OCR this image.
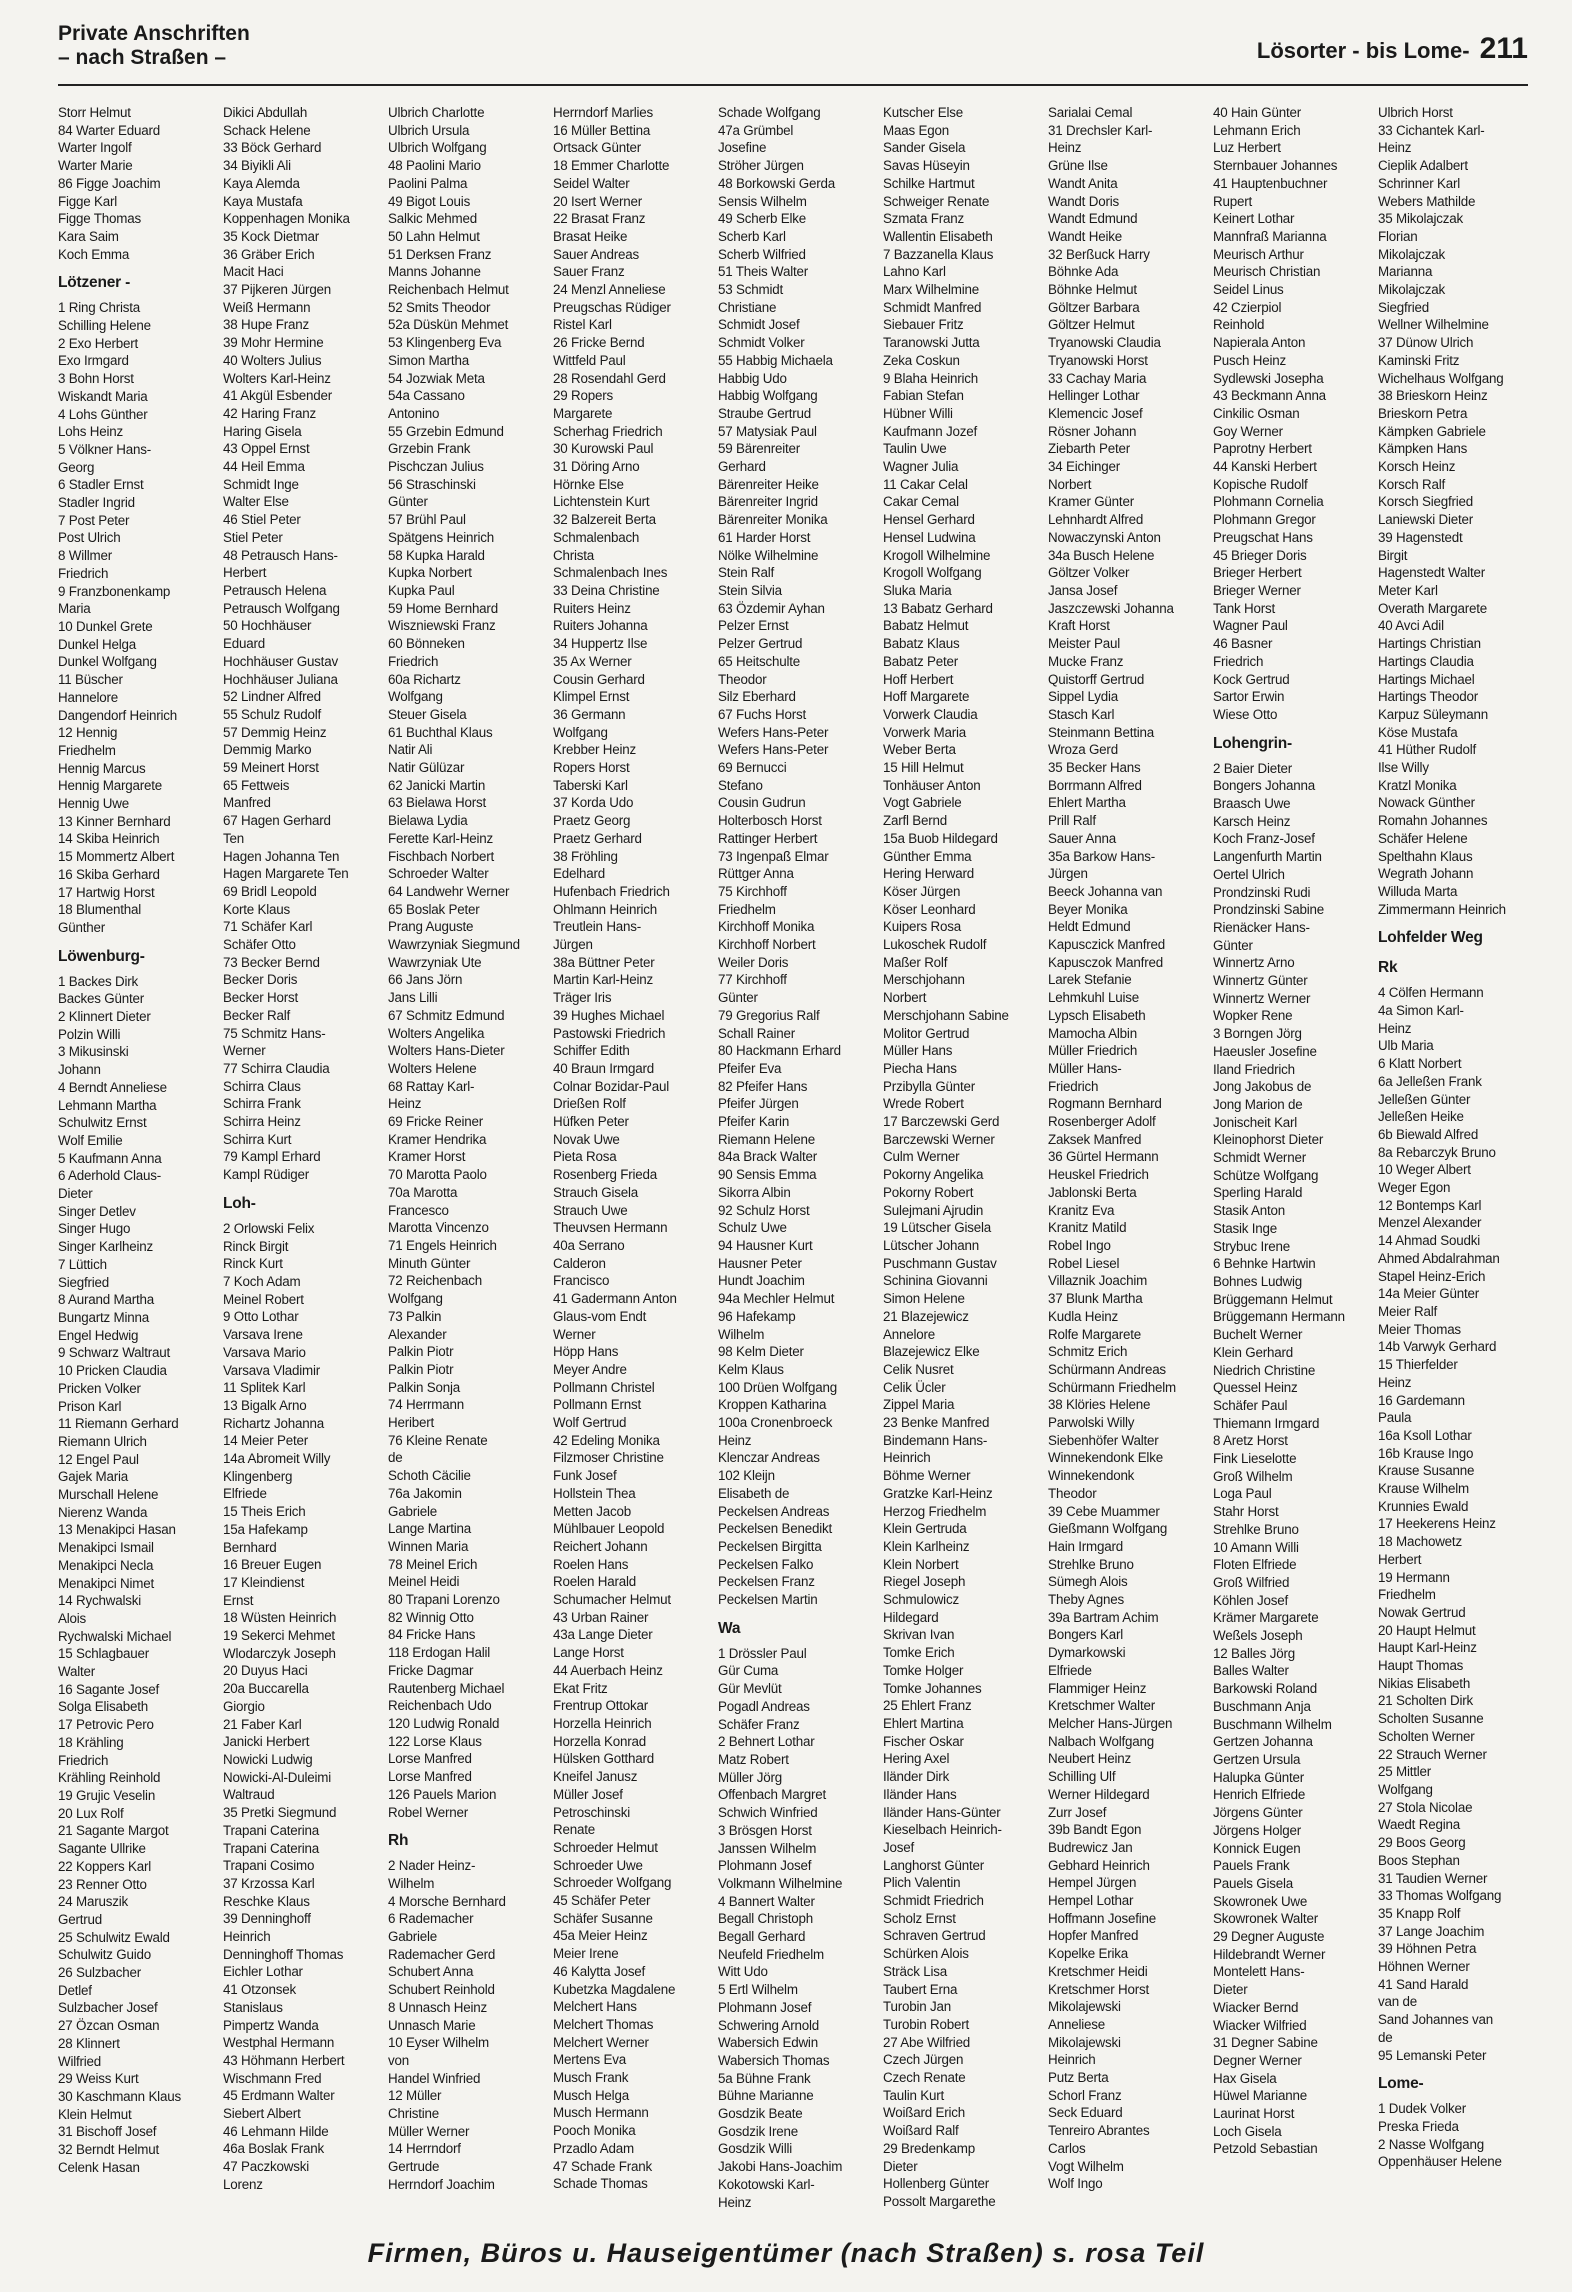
Private Anschriften
– nach Straßen –	Lösorter - bis Lome- 211
Storr Helmut
84 Warter Eduard
Warter Ingolf
Warter Marie
86 Figge Joachim
Figge Karl
Figge Thomas
Kara Saim
Koch Emma
Lötzener -
1 Ring Christa
Schilling Helene
2 Exo Herbert
Exo Irmgard
3 Bohn Horst
Wiskandt Maria
4 Lohs Günther
Lohs Heinz
5 Völkner Hans-
Georg
6 Stadler Ernst
Stadler Ingrid
7 Post Peter
Post Ulrich
8 Willmer
Friedrich
9 Franzbonenkamp
Maria
10 Dunkel Grete
Dunkel Helga
Dunkel Wolfgang
11 Büscher
Hannelore
Dangendorf Heinrich
12 Hennig
Friedhelm
Hennig Marcus
Hennig Margarete
Hennig Uwe
13 Kinner Bernhard
14 Skiba Heinrich
15 Mommertz Albert
16 Skiba Gerhard
17 Hartwig Horst
18 Blumenthal
Günther
Löwenburg-
1 Backes Dirk
Backes Günter
2 Klinnert Dieter
Polzin Willi
3 Mikusinski
Johann
4 Berndt Anneliese
Lehmann Martha
Schulwitz Ernst
Wolf Emilie
5 Kaufmann Anna
6 Aderhold Claus-
Dieter
Singer Detlev
Singer Hugo
Singer Karlheinz
7 Lüttich
Siegfried
8 Aurand Martha
Bungartz Minna
Engel Hedwig
9 Schwarz Waltraut
10 Pricken Claudia
Pricken Volker
Prison Karl
11 Riemann Gerhard
Riemann Ulrich
12 Engel Paul
Gajek Maria
Murschall Helene
Nierenz Wanda
13 Menakipci Hasan
Menakipci Ismail
Menakipci Necla
Menakipci Nimet
14 Rychwalski
Alois
Rychwalski Michael
15 Schlagbauer
Walter
16 Sagante Josef
Solga Elisabeth
17 Petrovic Pero
18 Krähling
Friedrich
Krähling Reinhold
19 Grujic Veselin
20 Lux Rolf
21 Sagante Margot
Sagante Ullrike
22 Koppers Karl
23 Renner Otto
24 Maruszik
Gertrud
25 Schulwitz Ewald
Schulwitz Guido
26 Sulzbacher
Detlef
Sulzbacher Josef
27 Özcan Osman
28 Klinnert
Wilfried
29 Weiss Kurt
30 Kaschmann Klaus
Klein Helmut
31 Bischoff Josef
32 Berndt Helmut
Celenk Hasan
Dikici Abdullah
Schack Helene
33 Böck Gerhard
34 Biyikli Ali
Kaya Alemda
Kaya Mustafa
Koppenhagen Monika
35 Kock Dietmar
36 Gräber Erich
Macit Haci
37 Pijkeren Jürgen
Weiß Hermann
38 Hupe Franz
39 Mohr Hermine
40 Wolters Julius
Wolters Karl-Heinz
41 Akgül Esbender
42 Haring Franz
Haring Gisela
43 Oppel Ernst
44 Heil Emma
Schmidt Inge
Walter Else
46 Stiel Peter
Stiel Peter
48 Petrausch Hans-
Herbert
Petrausch Helena
Petrausch Wolfgang
50 Hochhäuser
Eduard
Hochhäuser Gustav
Hochhäuser Juliana
52 Lindner Alfred
55 Schulz Rudolf
57 Demmig Heinz
Demmig Marko
59 Meinert Horst
65 Fettweis
Manfred
67 Hagen Gerhard
Ten
Hagen Johanna Ten
Hagen Margarete Ten
69 Bridl Leopold
Korte Klaus
71 Schäfer Karl
Schäfer Otto
73 Becker Bernd
Becker Doris
Becker Horst
Becker Ralf
75 Schmitz Hans-
Werner
77 Schirra Claudia
Schirra Claus
Schirra Frank
Schirra Heinz
Schirra Kurt
79 Kampl Erhard
Kampl Rüdiger
Loh-
2 Orlowski Felix
Rinck Birgit
Rinck Kurt
7 Koch Adam
Meinel Robert
9 Otto Lothar
Varsava Irene
Varsava Mario
Varsava Vladimir
11 Splitek Karl
13 Bigalk Arno
Richartz Johanna
14 Meier Peter
14a Abromeit Willy
Klingenberg
Elfriede
15 Theis Erich
15a Hafekamp
Bernhard
16 Breuer Eugen
17 Kleindienst
Ernst
18 Wüsten Heinrich
19 Sekerci Mehmet
Wlodarczyk Joseph
20 Duyus Haci
20a Buccarella
Giorgio
21 Faber Karl
Janicki Herbert
Nowicki Ludwig
Nowicki-Al-Duleimi
Waltraud
35 Pretki Siegmund
Trapani Caterina
Trapani Caterina
Trapani Cosimo
37 Krzossa Karl
Reschke Klaus
39 Denninghoff
Heinrich
Denninghoff Thomas
Eichler Lothar
41 Otzonsek
Stanislaus
Pimpertz Wanda
Westphal Hermann
43 Höhmann Herbert
Wischmann Fred
45 Erdmann Walter
Siebert Albert
46 Lehmann Hilde
46a Boslak Frank
47 Paczkowski
Lorenz
Ulbrich Charlotte
Ulbrich Ursula
Ulbrich Wolfgang
48 Paolini Mario
Paolini Palma
49 Bigot Louis
Salkic Mehmed
50 Lahn Helmut
51 Derksen Franz
Manns Johanne
Reichenbach Helmut
52 Smits Theodor
52a Düskün Mehmet
53 Klingenberg Eva
Simon Martha
54 Jozwiak Meta
54a Cassano
Antonino
55 Grzebin Edmund
Grzebin Frank
Pischczan Julius
56 Straschinski
Günter
57 Brühl Paul
Spätgens Heinrich
58 Kupka Harald
Kupka Norbert
Kupka Paul
59 Home Bernhard
Wiszniewski Franz
60 Bönneken
Friedrich
60a Richartz
Wolfgang
Steuer Gisela
61 Buchthal Klaus
Natir Ali
Natir Gülüzar
62 Janicki Martin
63 Bielawa Horst
Bielawa Lydia
Ferette Karl-Heinz
Fischbach Norbert
Schroeder Walter
64 Landwehr Werner
65 Boslak Peter
Prang Auguste
Wawrzyniak Siegmund
Wawrzyniak Ute
66 Jans Jörn
Jans Lilli
67 Schmitz Edmund
Wolters Angelika
Wolters Hans-Dieter
Wolters Helene
68 Rattay Karl-
Heinz
69 Fricke Reiner
Kramer Hendrika
Kramer Horst
70 Marotta Paolo
70a Marotta
Francesco
Marotta Vincenzo
71 Engels Heinrich
Minuth Günter
72 Reichenbach
Wolfgang
73 Palkin
Alexander
Palkin Piotr
Palkin Piotr
Palkin Sonja
74 Herrmann
Heribert
76 Kleine Renate
de
Schoth Cäcilie
76a Jakomin
Gabriele
Lange Martina
Winnen Maria
78 Meinel Erich
Meinel Heidi
80 Trapani Lorenzo
82 Winnig Otto
84 Fricke Hans
118 Erdogan Halil
Fricke Dagmar
Rautenberg Michael
Reichenbach Udo
120 Ludwig Ronald
122 Lorse Klaus
Lorse Manfred
Lorse Manfred
126 Pauels Marion
Robel Werner
Rh
2 Nader Heinz-
Wilhelm
4 Morsche Bernhard
6 Rademacher
Gabriele
Rademacher Gerd
Schubert Anna
Schubert Reinhold
8 Unnasch Heinz
Unnasch Marie
10 Eyser Wilhelm
von
Handel Winfried
12 Müller
Christine
Müller Werner
14 Herrndorf
Gertrude
Herrndorf Joachim
Herrndorf Marlies
16 Müller Bettina
Ortsack Günter
18 Emmer Charlotte
Seidel Walter
20 Isert Werner
22 Brasat Franz
Brasat Heike
Sauer Andreas
Sauer Franz
24 Menzl Anneliese
Preugschas Rüdiger
Ristel Karl
26 Fricke Bernd
Wittfeld Paul
28 Rosendahl Gerd
29 Ropers
Margarete
Scherhag Friedrich
30 Kurowski Paul
31 Döring Arno
Hörnke Else
Lichtenstein Kurt
32 Balzereit Berta
Schmalenbach
Christa
Schmalenbach Ines
33 Deina Christine
Ruiters Heinz
Ruiters Johanna
34 Huppertz Ilse
35 Ax Werner
Cousin Gerhard
Klimpel Ernst
36 Germann
Wolfgang
Krebber Heinz
Ropers Horst
Taberski Karl
37 Korda Udo
Praetz Georg
Praetz Gerhard
38 Fröhling
Edelhard
Hufenbach Friedrich
Ohlmann Heinrich
Treutlein Hans-
Jürgen
38a Büttner Peter
Martin Karl-Heinz
Träger Iris
39 Hughes Michael
Pastowski Friedrich
Schiffer Edith
40 Braun Irmgard
Colnar Bozidar-Paul
Drießen Rolf
Hüfken Peter
Novak Uwe
Pieta Rosa
Rosenberg Frieda
Strauch Gisela
Strauch Uwe
Theuvsen Hermann
40a Serrano
Calderon
Francisco
41 Gadermann Anton
Glaus-vom Endt
Werner
Höpp Hans
Meyer Andre
Pollmann Christel
Pollmann Ernst
Wolf Gertrud
42 Edeling Monika
Filzmoser Christine
Funk Josef
Hollstein Thea
Metten Jacob
Mühlbauer Leopold
Reichert Johann
Roelen Hans
Roelen Harald
Schumacher Helmut
43 Urban Rainer
43a Lange Dieter
Lange Horst
44 Auerbach Heinz
Ekat Fritz
Frentrup Ottokar
Horzella Heinrich
Horzella Konrad
Hülsken Gotthard
Kneifel Janusz
Müller Josef
Petroschinski
Renate
Schroeder Helmut
Schroeder Uwe
Schroeder Wolfgang
45 Schäfer Peter
Schäfer Susanne
45a Meier Heinz
Meier Irene
46 Kalytta Josef
Kubetzka Magdalene
Melchert Hans
Melchert Thomas
Melchert Werner
Mertens Eva
Musch Frank
Musch Helga
Musch Hermann
Pooch Monika
Przadlo Adam
47 Schade Frank
Schade Thomas
Schade Wolfgang
47a Grümbel
Josefine
Ströher Jürgen
48 Borkowski Gerda
Sensis Wilhelm
49 Scherb Elke
Scherb Karl
Scherb Wilfried
51 Theis Walter
53 Schmidt
Christiane
Schmidt Josef
Schmidt Volker
55 Habbig Michaela
Habbig Udo
Habbig Wolfgang
Straube Gertrud
57 Matysiak Paul
59 Bärenreiter
Gerhard
Bärenreiter Heike
Bärenreiter Ingrid
Bärenreiter Monika
61 Harder Horst
Nölke Wilhelmine
Stein Ralf
Stein Silvia
63 Özdemir Ayhan
Pelzer Ernst
Pelzer Gertrud
65 Heitschulte
Theodor
Silz Eberhard
67 Fuchs Horst
Wefers Hans-Peter
Wefers Hans-Peter
69 Bernucci
Stefano
Cousin Gudrun
Holterbosch Horst
Rattinger Herbert
73 Ingenpaß Elmar
Rüttger Anna
75 Kirchhoff
Friedhelm
Kirchhoff Monika
Kirchhoff Norbert
Weiler Doris
77 Kirchhoff
Günter
79 Gregorius Ralf
Schall Rainer
80 Hackmann Erhard
Pfeifer Eva
82 Pfeifer Hans
Pfeifer Jürgen
Pfeifer Karin
Riemann Helene
84a Brack Walter
90 Sensis Emma
Sikorra Albin
92 Schulz Horst
Schulz Uwe
94 Hausner Kurt
Hausner Peter
Hundt Joachim
94a Mechler Helmut
96 Hafekamp
Wilhelm
98 Kelm Dieter
Kelm Klaus
100 Drüen Wolfgang
Kroppen Katharina
100a Cronenbroeck
Heinz
Klenczar Andreas
102 Kleijn
Elisabeth de
Peckelsen Andreas
Peckelsen Benedikt
Peckelsen Birgitta
Peckelsen Falko
Peckelsen Franz
Peckelsen Martin
Wa
1 Drössler Paul
Gür Cuma
Gür Mevlüt
Pogadl Andreas
Schäfer Franz
2 Behnert Lothar
Matz Robert
Müller Jörg
Offenbach Margret
Schwich Winfried
3 Brösgen Horst
Janssen Wilhelm
Plohmann Josef
Volkmann Wilhelmine
4 Bannert Walter
Begall Christoph
Begall Gerhard
Neufeld Friedhelm
Witt Udo
5 Ertl Wilhelm
Plohmann Josef
Schwering Arnold
Wabersich Edwin
Wabersich Thomas
5a Bühne Frank
Bühne Marianne
Gosdzik Beate
Gosdzik Irene
Gosdzik Willi
Jakobi Hans-Joachim
Kokotowski Karl-
Heinz
Kutscher Else
Maas Egon
Sander Gisela
Savas Hüseyin
Schilke Hartmut
Schweiger Renate
Szmata Franz
Wallentin Elisabeth
7 Bazzanella Klaus
Lahno Karl
Marx Wilhelmine
Schmidt Manfred
Siebauer Fritz
Taranowski Jutta
Zeka Coskun
9 Blaha Heinrich
Fabian Stefan
Hübner Willi
Kaufmann Jozef
Taulin Uwe
Wagner Julia
11 Cakar Celal
Cakar Cemal
Hensel Gerhard
Hensel Ludwina
Krogoll Wilhelmine
Krogoll Wolfgang
Sluka Maria
13 Babatz Gerhard
Babatz Helmut
Babatz Klaus
Babatz Peter
Hoff Herbert
Hoff Margarete
Vorwerk Claudia
Vorwerk Maria
Weber Berta
15 Hill Helmut
Tonhäuser Anton
Vogt Gabriele
Zarfl Bernd
15a Buob Hildegard
Günther Emma
Hering Herward
Köser Jürgen
Köser Leonhard
Kuipers Rosa
Lukoschek Rudolf
Maßer Rolf
Merschjohann
Norbert
Merschjohann Sabine
Molitor Gertrud
Müller Hans
Piecha Hans
Przibylla Günter
Wrede Robert
17 Barczewski Gerd
Barczewski Werner
Culm Werner
Pokorny Angelika
Pokorny Robert
Sulejmani Ajrudin
19 Lütscher Gisela
Lütscher Johann
Puschmann Gustav
Schinina Giovanni
Simon Helene
21 Blazejewicz
Annelore
Blazejewicz Elke
Celik Nusret
Celik Ücler
Zippel Maria
23 Benke Manfred
Bindemann Hans-
Heinrich
Böhme Werner
Gratzke Karl-Heinz
Herzog Friedhelm
Klein Gertruda
Klein Karlheinz
Klein Norbert
Riegel Joseph
Schmulowicz
Hildegard
Skrivan Ivan
Tomke Erich
Tomke Holger
Tomke Johannes
25 Ehlert Franz
Ehlert Martina
Fischer Oskar
Hering Axel
Iländer Dirk
Iländer Hans
Iländer Hans-Günter
Kieselbach Heinrich-
Josef
Langhorst Günter
Plich Valentin
Schmidt Friedrich
Scholz Ernst
Schraven Gertrud
Schürken Alois
Sträck Lisa
Taubert Erna
Turobin Jan
Turobin Robert
27 Abe Wilfried
Czech Jürgen
Czech Renate
Taulin Kurt
Woißard Erich
Woißard Ralf
29 Bredenkamp
Dieter
Hollenberg Günter
Possolt Margarethe
Sarialai Cemal
31 Drechsler Karl-
Heinz
Grüne Ilse
Wandt Anita
Wandt Doris
Wandt Edmund
Wandt Heike
32 Berßuck Harry
Böhnke Ada
Böhnke Helmut
Göltzer Barbara
Göltzer Helmut
Tryanowski Claudia
Tryanowski Horst
33 Cachay Maria
Hellinger Lothar
Klemencic Josef
Rösner Johann
Ziebarth Peter
34 Eichinger
Norbert
Kramer Günter
Lehnhardt Alfred
Nowaczynski Anton
34a Busch Helene
Göltzer Volker
Jansa Josef
Jaszczewski Johanna
Kraft Horst
Meister Paul
Mucke Franz
Quistorff Gertrud
Sippel Lydia
Stasch Karl
Steinmann Bettina
Wroza Gerd
35 Becker Hans
Borrmann Alfred
Ehlert Martha
Prill Ralf
Sauer Anna
35a Barkow Hans-
Jürgen
Beeck Johanna van
Beyer Monika
Heldt Edmund
Kapusczick Manfred
Kapusczok Manfred
Larek Stefanie
Lehmkuhl Luise
Lypsch Elisabeth
Mamocha Albin
Müller Friedrich
Müller Hans-
Friedrich
Rogmann Bernhard
Rosenberger Adolf
Zaksek Manfred
36 Gürtel Hermann
Heuskel Friedrich
Jablonski Berta
Kranitz Eva
Kranitz Matild
Robel Ingo
Robel Liesel
Villaznik Joachim
37 Blunk Martha
Kudla Heinz
Rolfe Margarete
Schmitz Erich
Schürmann Andreas
Schürmann Friedhelm
38 Klöries Helene
Parwolski Willy
Siebenhöfer Walter
Winnekendonk Elke
Winnekendonk
Theodor
39 Cebe Muammer
Gießmann Wolfgang
Hain Irmgard
Strehlke Bruno
Sümegh Alois
Theby Agnes
39a Bartram Achim
Bongers Karl
Dymarkowski
Elfriede
Flammiger Heinz
Kretschmer Walter
Melcher Hans-Jürgen
Nalbach Wolfgang
Neubert Heinz
Schilling Ulf
Werner Hildegard
Zurr Josef
39b Bandt Egon
Budrewicz Jan
Gebhard Heinrich
Hempel Jürgen
Hempel Lothar
Hoffmann Josefine
Hopfer Manfred
Kopelke Erika
Kretschmer Heidi
Kretschmer Horst
Mikolajewski
Anneliese
Mikolajewski
Heinrich
Putz Berta
Schorl Franz
Seck Eduard
Tenreiro Abrantes
Carlos
Vogt Wilhelm
Wolf Ingo
40 Hain Günter
Lehmann Erich
Luz Herbert
Sternbauer Johannes
41 Hauptenbuchner
Rupert
Keinert Lothar
Mannfraß Marianna
Meurisch Arthur
Meurisch Christian
Seidel Linus
42 Czierpiol
Reinhold
Napierala Anton
Pusch Heinz
Sydlewski Josepha
43 Beckmann Anna
Cinkilic Osman
Goy Werner
Paprotny Herbert
44 Kanski Herbert
Kopische Rudolf
Plohmann Cornelia
Plohmann Gregor
Preugschat Hans
45 Brieger Doris
Brieger Herbert
Brieger Werner
Tank Horst
Wagner Paul
46 Basner
Friedrich
Kock Gertrud
Sartor Erwin
Wiese Otto
Lohengrin-
2 Baier Dieter
Bongers Johanna
Braasch Uwe
Karsch Heinz
Koch Franz-Josef
Langenfurth Martin
Oertel Ulrich
Prondzinski Rudi
Prondzinski Sabine
Rienäcker Hans-
Günter
Winnertz Arno
Winnertz Günter
Winnertz Werner
Wopker Rene
3 Borngen Jörg
Haeusler Josefine
Iland Friedrich
Jong Jakobus de
Jong Marion de
Jonischeit Karl
Kleinophorst Dieter
Schmidt Werner
Schütze Wolfgang
Sperling Harald
Stasik Anton
Stasik Inge
Strybuc Irene
6 Behnke Hartwin
Bohnes Ludwig
Brüggemann Helmut
Brüggemann Hermann
Buchelt Werner
Klein Gerhard
Niedrich Christine
Quessel Heinz
Schäfer Paul
Thiemann Irmgard
8 Aretz Horst
Fink Lieselotte
Groß Wilhelm
Loga Paul
Stahr Horst
Strehlke Bruno
10 Amann Willi
Floten Elfriede
Groß Wilfried
Köhlen Josef
Krämer Margarete
Weßels Joseph
12 Balles Jörg
Balles Walter
Barkowski Roland
Buschmann Anja
Buschmann Wilhelm
Gertzen Johanna
Gertzen Ursula
Halupka Günter
Henrich Elfriede
Jörgens Günter
Jörgens Holger
Konnick Eugen
Pauels Frank
Pauels Gisela
Skowronek Uwe
Skowronek Walter
29 Degner Auguste
Hildebrandt Werner
Montelett Hans-
Dieter
Wiacker Bernd
Wiacker Wilfried
31 Degner Sabine
Degner Werner
Hax Gisela
Hüwel Marianne
Laurinat Horst
Loch Gisela
Petzold Sebastian
Ulbrich Horst
33 Cichantek Karl-
Heinz
Cieplik Adalbert
Schrinner Karl
Webers Mathilde
35 Mikolajczak
Florian
Mikolajczak
Marianna
Mikolajczak
Siegfried
Wellner Wilhelmine
37 Dünow Ulrich
Kaminski Fritz
Wichelhaus Wolfgang
38 Brieskorn Heinz
Brieskorn Petra
Kämpken Gabriele
Kämpken Hans
Korsch Heinz
Korsch Ralf
Korsch Siegfried
Laniewski Dieter
39 Hagenstedt
Birgit
Hagenstedt Walter
Meter Karl
Overath Margarete
40 Avci Adil
Hartings Christian
Hartings Claudia
Hartings Michael
Hartings Theodor
Karpuz Süleymann
Köse Mustafa
41 Hüther Rudolf
Ilse Willy
Kratzl Monika
Nowack Günther
Romahn Johannes
Schäfer Helene
Spelthahn Klaus
Wegrath Johann
Willuda Marta
Zimmermann Heinrich
Lohfelder Weg
Rk
4 Cölfen Hermann
4a Simon Karl-
Heinz
Ulb Maria
6 Klatt Norbert
6a Jelleßen Frank
Jelleßen Günter
Jelleßen Heike
6b Biewald Alfred
8a Rebarczyk Bruno
10 Weger Albert
Weger Egon
12 Bontemps Karl
Menzel Alexander
14 Ahmad Soudki
Ahmed Abdalrahman
Stapel Heinz-Erich
14a Meier Günter
Meier Ralf
Meier Thomas
14b Varwyk Gerhard
15 Thierfelder
Heinz
16 Gardemann
Paula
16a Ksoll Lothar
16b Krause Ingo
Krause Susanne
Krause Wilhelm
Krunnies Ewald
17 Heekerens Heinz
18 Machowetz
Herbert
19 Hermann
Friedhelm
Nowak Gertrud
20 Haupt Helmut
Haupt Karl-Heinz
Haupt Thomas
Nikias Elisabeth
21 Scholten Dirk
Scholten Susanne
Scholten Werner
22 Strauch Werner
25 Mittler
Wolfgang
27 Stola Nicolae
Waedt Regina
29 Boos Georg
Boos Stephan
31 Taudien Werner
33 Thomas Wolfgang
35 Knapp Rolf
37 Lange Joachim
39 Höhnen Petra
Höhnen Werner
41 Sand Harald
van de
Sand Johannes van
de
95 Lemanski Peter
Lome-
1 Dudek Volker
Preska Frieda
2 Nasse Wolfgang
Oppenhäuser Helene
Firmen, Büros u. Hauseigentümer (nach Straßen) s. rosa Teil
